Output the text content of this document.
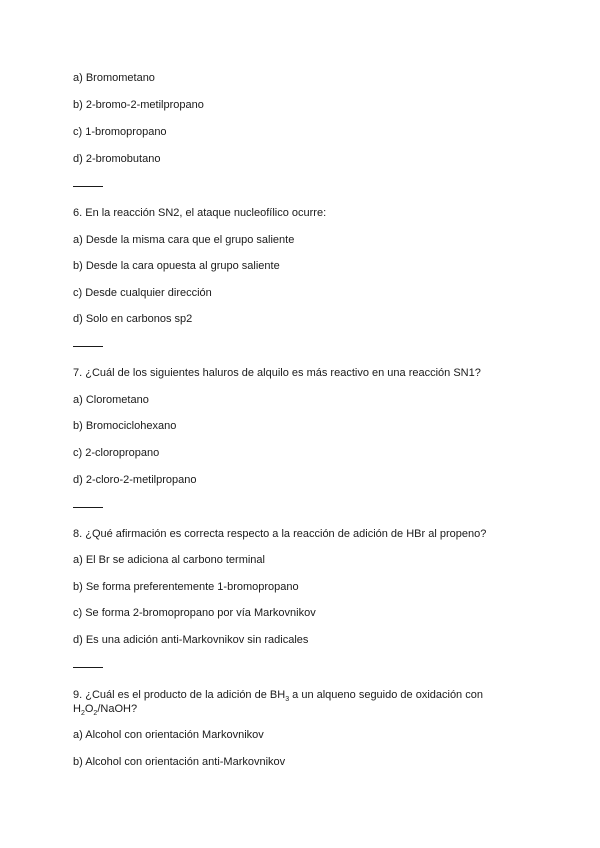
a) Bromometano
b) 2-bromo-2-metilpropano
c) 1-bromopropano
d) 2-bromobutano
6. En la reacción SN2, el ataque nucleofílico ocurre:
a) Desde la misma cara que el grupo saliente
b) Desde la cara opuesta al grupo saliente
c) Desde cualquier dirección
d) Solo en carbonos sp2
7. ¿Cuál de los siguientes haluros de alquilo es más reactivo en una reacción SN1?
a) Clorometano
b) Bromociclohexano
c) 2-cloropropano
d) 2-cloro-2-metilpropano
8. ¿Qué afirmación es correcta respecto a la reacción de adición de HBr al propeno?
a) El Br se adiciona al carbono terminal
b) Se forma preferentemente 1-bromopropano
c) Se forma 2-bromopropano por vía Markovnikov
d) Es una adición anti-Markovnikov sin radicales
9. ¿Cuál es el producto de la adición de $BH_3$ a un alqueno seguido de oxidación con $H_2O_2$/NaOH?
a) Alcohol con orientación Markovnikov
b) Alcohol con orientación anti-Markovnikov
